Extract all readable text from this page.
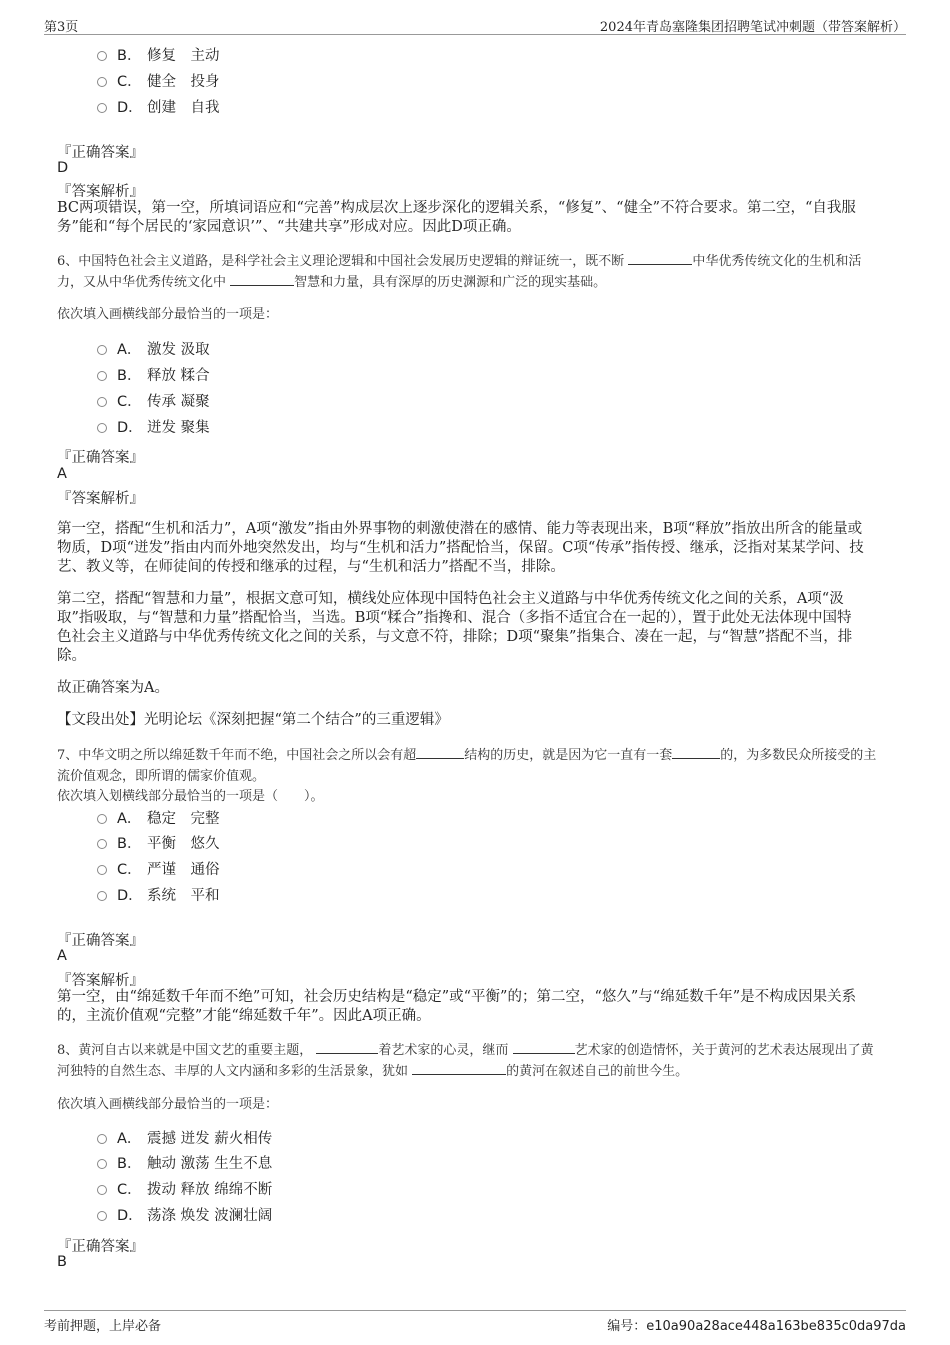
第3页	2024年青岛塞隆集团招聘笔试冲刺题（带答案解析）
B． 修复　主动
C． 健全　投身
D． 创建　自我
『正确答案』
D
『答案解析』
BC两项错误，第一空，所填词语应和“完善”构成层次上逐步深化的逻辑关系，“修复”、“健全”不符合要求。第二空，“自我服
务”能和“每个居民的‘家园意识’”、“共建共享”形成对应。因此D项正确。
6、中国特色社会主义道路，是科学社会主义理论逻辑和中国社会发展历史逻辑的辩证统一，既不断	中华优秀传统文化的生机和活
力，又从中华优秀传统文化中	智慧和力量，具有深厚的历史渊源和广泛的现实基础。
依次填入画横线部分最恰当的一项是：
A． 激发 汲取
B． 释放 糅合
C． 传承 凝聚
D． 迸发 聚集
『正确答案』
A
『答案解析』
第一空，搭配“生机和活力”，A项“激发”指由外界事物的刺激使潜在的感情、能力等表现出来，B项“释放”指放出所含的能量或
物质，D项“迸发”指由内而外地突然发出，均与“生机和活力”搭配恰当，保留。C项“传承”指传授、继承，泛指对某某学问、技
艺、教义等，在师徒间的传授和继承的过程，与“生机和活力”搭配不当，排除。
第二空，搭配“智慧和力量”，根据文意可知，横线处应体现中国特色社会主义道路与中华优秀传统文化之间的关系，A项“汲
取”指吸取，与“智慧和力量”搭配恰当，当选。B项“糅合”指搀和、混合（多指不适宜合在一起的），置于此处无法体现中国特
色社会主义道路与中华优秀传统文化之间的关系，与文意不符，排除；D项“聚集”指集合、凑在一起，与“智慧”搭配不当，排
除。
故正确答案为A。
【文段出处】光明论坛《深刻把握“第二个结合”的三重逻辑》
7、中华文明之所以绵延数千年而不绝，中国社会之所以会有超	结构的历史，就是因为它一直有一套	的，为多数民众所接受的主
流价值观念，即所谓的儒家价值观。
依次填入划横线部分最恰当的一项是（　　）。
A． 稳定　完整
B． 平衡　悠久
C． 严谨　通俗
D． 系统　平和
『正确答案』
A
『答案解析』
第一空，由“绵延数千年而不绝”可知，社会历史结构是“稳定”或“平衡”的；第二空，“悠久”与“绵延数千年”是不构成因果关系
的，主流价值观“完整”才能“绵延数千年”。因此A项正确。
8、黄河自古以来就是中国文艺的重要主题，	着艺术家的心灵，继而	艺术家的创造情怀，关于黄河的艺术表达展现出了黄
河独特的自然生态、丰厚的人文内涵和多彩的生活景象，犹如	的黄河在叙述自己的前世今生。
依次填入画横线部分最恰当的一项是：
A． 震撼 迸发 薪火相传
B． 触动 激荡 生生不息
C． 拨动 释放 绵绵不断
D． 荡涤 焕发 波澜壮阔
『正确答案』
B
考前押题，上岸必备	编号：e10a90a28ace448a163be835c0da97da
